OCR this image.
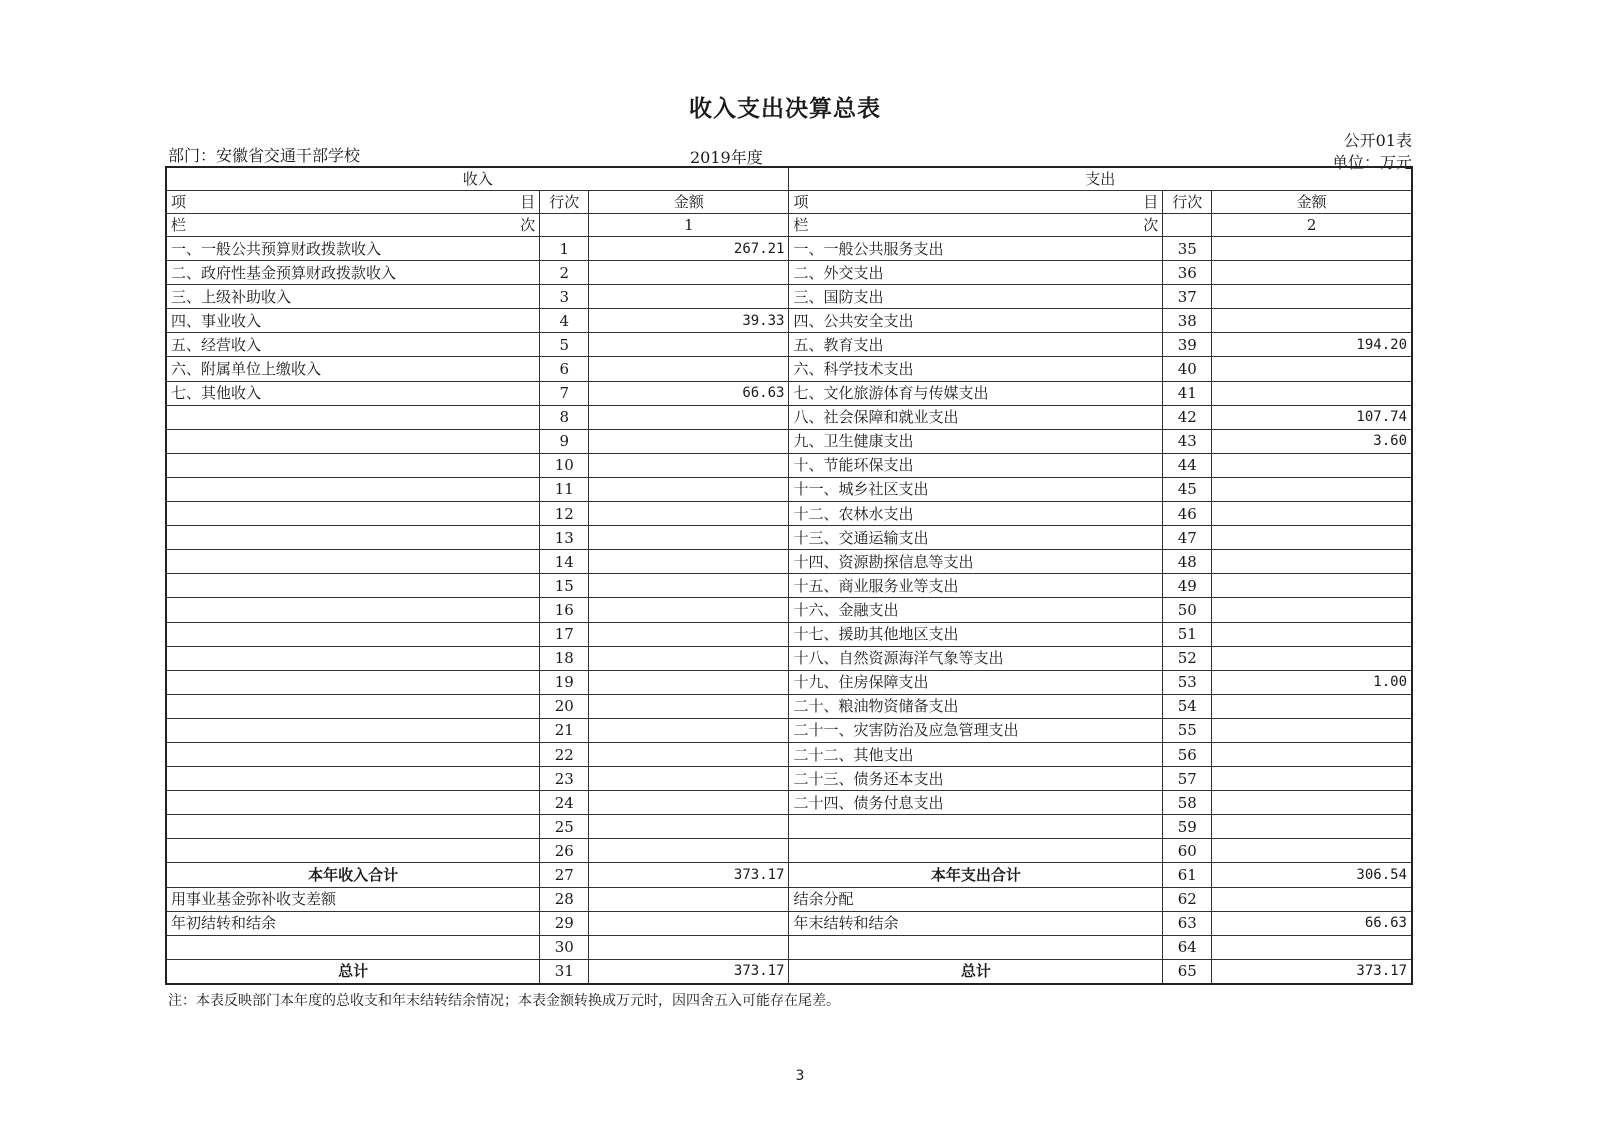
收入支出决算总表
公开01表
部门：安徽省交通干部学校	2019年度	单位：万元
收入			支出		

项 目	行次	金额	项 目	行次	金额

栏 次		1	栏 次		2
一、一般公共预算财政拨款收入	1	267.21	一、一般公共服务支出	35	
二、政府性基金预算财政拨款收入	2		二、外交支出	36	
三、上级补助收入	3		三、国防支出	37	
四、事业收入	4	39.33	四、公共安全支出	38	
五、经营收入	5		五、教育支出	39	194.20
六、附属单位上缴收入	6		六、科学技术支出	40	
七、其他收入	7	66.63	七、文化旅游体育与传媒支出	41	
	8		八、社会保障和就业支出	42	107.74
	9		九、卫生健康支出	43	3.60
	10		十、节能环保支出	44	
	11		十一、城乡社区支出	45	
	12		十二、农林水支出	46	
	13		十三、交通运输支出	47	
	14		十四、资源勘探信息等支出	48	
	15		十五、商业服务业等支出	49	
	16		十六、金融支出	50	
	17		十七、援助其他地区支出	51	
	18		十八、自然资源海洋气象等支出	52	
	19		十九、住房保障支出	53	1.00
	20		二十、粮油物资储备支出	54	
	21		二十一、灾害防治及应急管理支出	55	
	22		二十二、其他支出	56	
	23		二十三、债务还本支出	57	
	24		二十四、债务付息支出	58	
	25			59	
	26			60	
本年收入合计	27	373.17	本年支出合计	61	306.54
用事业基金弥补收支差额	28		结余分配	62	
年初结转和结余	29		年末结转和结余	63	66.63
	30			64	
总计	31	373.17	总计	65	373.17
注：本表反映部门本年度的总收支和年末结转结余情况；本表金额转换成万元时，因四舍五入可能存在尾差。
3
